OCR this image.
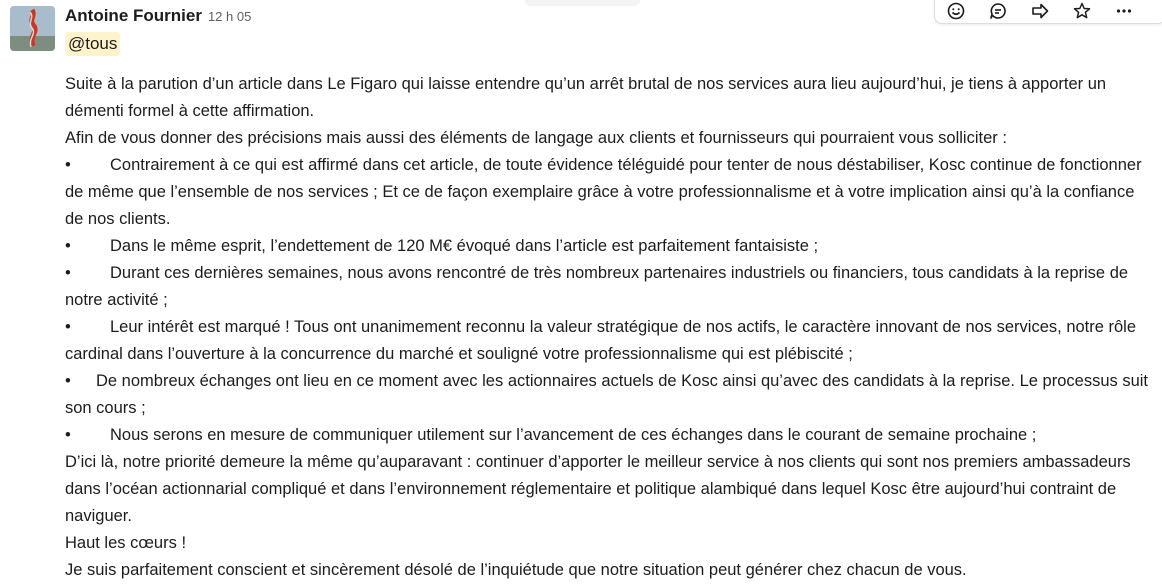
Antoine Fournier 12 h 05
@tous

Suite à la parution d’un article dans Le Figaro qui laisse entendre qu’un arrêt brutal de nos services aura lieu aujourd’hui, je tiens à apporter un démenti formel à cette affirmation.

Afin de vous donner des précisions mais aussi des éléments de langage aux clients et fournisseurs qui pourraient vous solliciter :

• Contrairement à ce qui est affirmé dans cet article, de toute évidence téléguidé pour tenter de nous déstabiliser, Kosc continue de fonctionner de même que l’ensemble de nos services ; Et ce de façon exemplaire grâce à votre professionnalisme et à votre implication ainsi qu’à la confiance de nos clients.

• Dans le même esprit, l’endettement de 120 M€ évoqué dans l’article est parfaitement fantaisiste ;

• Durant ces dernières semaines, nous avons rencontré de très nombreux partenaires industriels ou financiers, tous candidats à la reprise de notre activité ;

• Leur intérêt est marqué ! Tous ont unanimement reconnu la valeur stratégique de nos actifs, le caractère innovant de nos services, notre rôle cardinal dans l’ouverture à la concurrence du marché et souligné votre professionnalisme qui est plébiscité ;

• De nombreux échanges ont lieu en ce moment avec les actionnaires actuels de Kosc ainsi qu’avec des candidats à la reprise. Le processus suit son cours ;

• Nous serons en mesure de communiquer utilement sur l’avancement de ces échanges dans le courant de semaine prochaine ;

D’ici là, notre priorité demeure la même qu’auparavant : continuer d’apporter le meilleur service à nos clients qui sont nos premiers ambassadeurs dans l’océan actionnarial compliqué et dans l’environnement réglementaire et politique alambiqué dans lequel Kosc être aujourd’hui contraint de naviguer.

Haut les cœurs !

Je suis parfaitement conscient et sincèrement désolé de l’inquiétude que notre situation peut générer chez chacun de vous.
